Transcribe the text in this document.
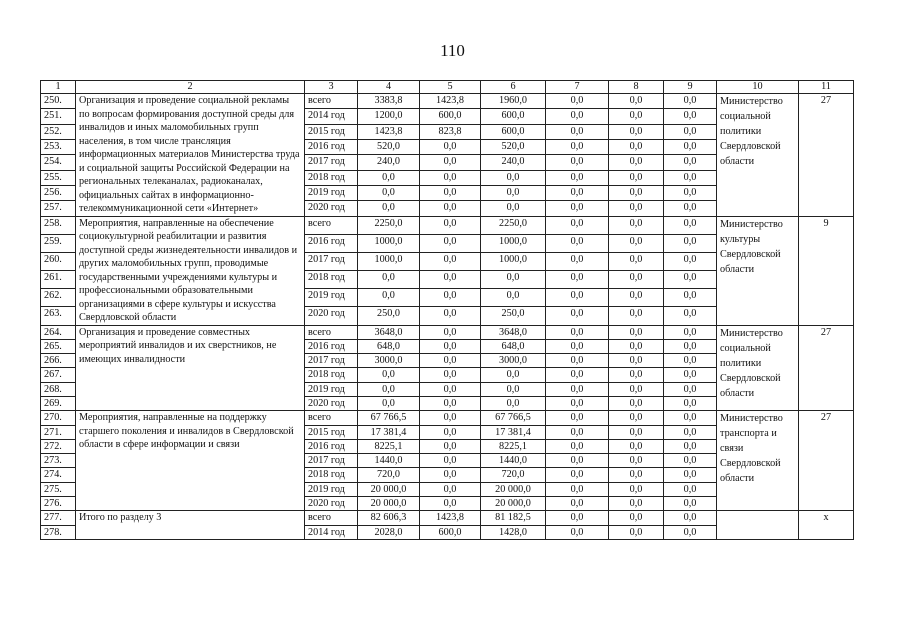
110
1	2	3	4	5	6	7	8	9	10	11
250.	Организация и проведение социальной рекламы по вопросам формирования доступной среды для инвалидов и иных маломобильных групп населения, в том числе трансляция информационных материалов Министерства труда и социальной защиты Российской Федерации на региональных телеканалах, радиоканалах, официальных сайтах в информационно-телекоммуникационной сети «Интернет»	всего	3383,8	1423,8	1960,0	0,0	0,0	0,0	Министерство социальной политики Свердловской области	27
251.		2014 год	1200,0	600,0	600,0	0,0	0,0	0,0		
252.		2015 год	1423,8	823,8	600,0	0,0	0,0	0,0		
253.		2016 год	520,0	0,0	520,0	0,0	0,0	0,0		
254.		2017 год	240,0	0,0	240,0	0,0	0,0	0,0		
255.		2018 год	0,0	0,0	0,0	0,0	0,0	0,0		
256.		2019 год	0,0	0,0	0,0	0,0	0,0	0,0		
257.		2020 год	0,0	0,0	0,0	0,0	0,0	0,0		
258.	Мероприятия, направленные на обеспечение социокультурной реабилитации и развития доступной среды жизнедеятельности инвалидов и других маломобильных групп, проводимые государственными учреждениями культуры и профессиональными образовательными организациями в сфере культуры и искусства Свердловской области	всего	2250,0	0,0	2250,0	0,0	0,0	0,0	Министерство культуры Свердловской области	9
259.		2016 год	1000,0	0,0	1000,0	0,0	0,0	0,0		
260.		2017 год	1000,0	0,0	1000,0	0,0	0,0	0,0		
261.		2018 год	0,0	0,0	0,0	0,0	0,0	0,0		
262.		2019 год	0,0	0,0	0,0	0,0	0,0	0,0		
263.		2020 год	250,0	0,0	250,0	0,0	0,0	0,0		
264.	Организация и проведение совместных мероприятий инвалидов и их сверстников, не имеющих инвалидности	всего	3648,0	0,0	3648,0	0,0	0,0	0,0	Министерство социальной политики Свердловской области	27
265.		2016 год	648,0	0,0	648,0	0,0	0,0	0,0		
266.		2017 год	3000,0	0,0	3000,0	0,0	0,0	0,0		
267.		2018 год	0,0	0,0	0,0	0,0	0,0	0,0		
268.		2019 год	0,0	0,0	0,0	0,0	0,0	0,0		
269.		2020 год	0,0	0,0	0,0	0,0	0,0	0,0		
270.	Мероприятия, направленные на поддержку старшего поколения и инвалидов в Свердловской области в сфере информации и связи	всего	67 766,5	0,0	67 766,5	0,0	0,0	0,0	Министерство транспорта и связи Свердловской области	27
271.		2015 год	17 381,4	0,0	17 381,4	0,0	0,0	0,0		
272.		2016 год	8225,1	0,0	8225,1	0,0	0,0	0,0		
273.		2017 год	1440,0	0,0	1440,0	0,0	0,0	0,0		
274.		2018 год	720,0	0,0	720,0	0,0	0,0	0,0		
275.		2019 год	20 000,0	0,0	20 000,0	0,0	0,0	0,0		
276.		2020 год	20 000,0	0,0	20 000,0	0,0	0,0	0,0		
277.	Итого по разделу 3	всего	82 606,3	1423,8	81 182,5	0,0	0,0	0,0		x
278.		2014 год	2028,0	600,0	1428,0	0,0	0,0	0,0		
